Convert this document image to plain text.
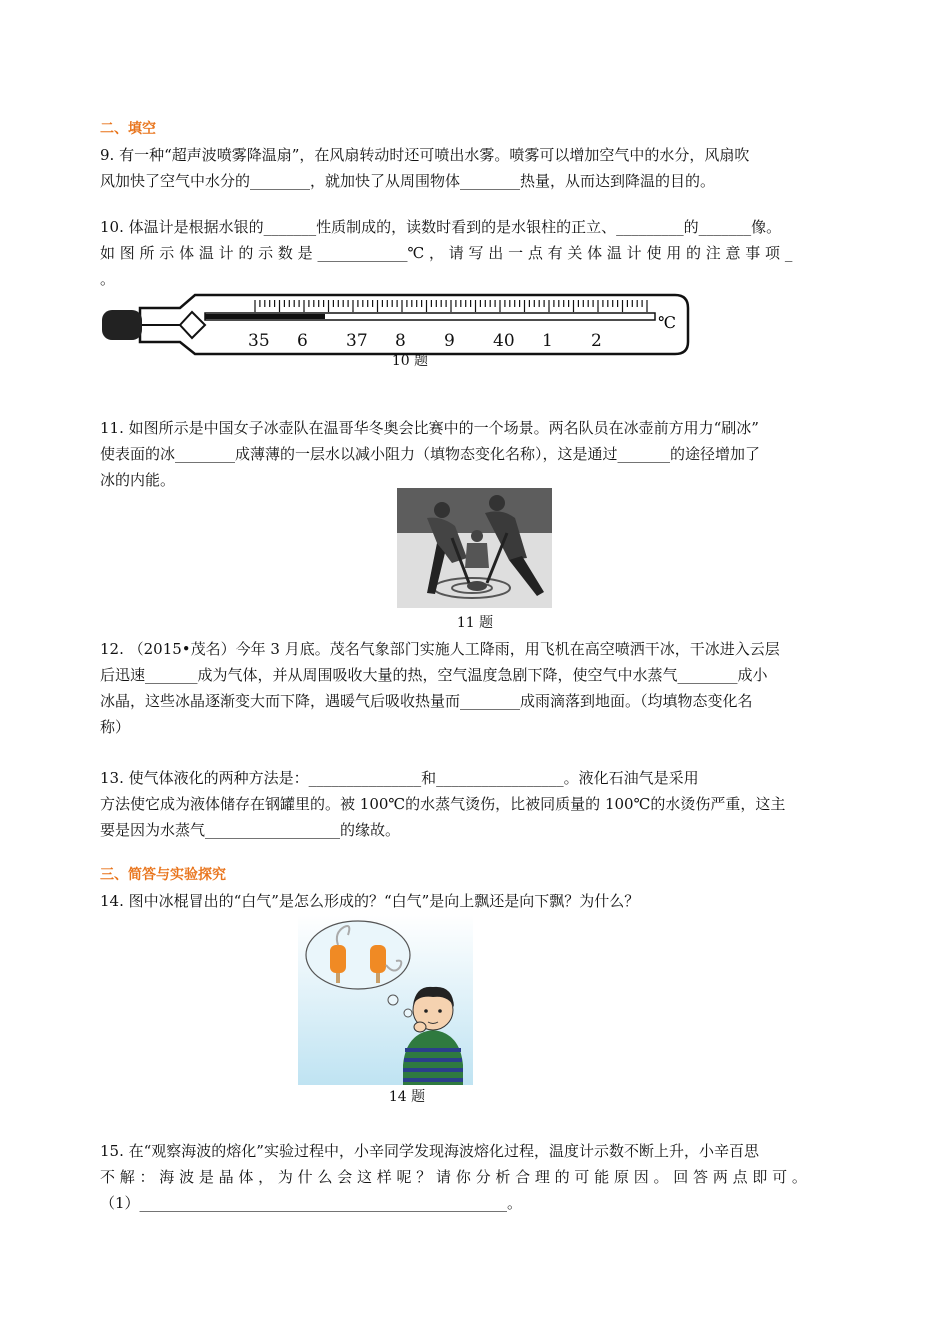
二、填空
9. 有一种“超声波喷雾降温扇”，在风扇转动时还可喷出水雾。喷雾可以增加空气中的水分，风扇吹
风加快了空气中水分的________，就加快了从周围物体________热量，从而达到降温的目的。
10. 体温计是根据水银的_______性质制成的，读数时看到的是水银柱的正立、_________的_______像。
如 图 所 示 体 温 计 的 示 数 是 ____________℃ ， 请 写 出 一 点 有 关 体 温 计 使 用 的 注 意 事 项 _
。
35 6 37 8 9 40 1 2
℃
10 题
11. 如图所示是中国女子冰壶队在温哥华冬奥会比赛中的一个场景。两名队员在冰壶前方用力“刷冰”
使表面的冰________成薄薄的一层水以减小阻力（填物态变化名称），这是通过_______的途径增加了
冰的内能。
11 题
12. （2015•茂名）今年 3 月底。茂名气象部门实施人工降雨，用飞机在高空喷洒干冰，干冰进入云层
后迅速_______成为气体，并从周围吸收大量的热，空气温度急剧下降，使空气中水蒸气________成小
冰晶，这些冰晶逐渐变大而下降，遇暖气后吸收热量而________成雨滴落到地面。（均填物态变化名
称）
13. 使气体液化的两种方法是：_______________和_________________。液化石油气是采用
方法使它成为液体储存在钢罐里的。被 100℃的水蒸气烫伤，比被同质量的 100℃的水烫伤严重，这主
要是因为水蒸气__________________的缘故。
三、简答与实验探究
14. 图中冰棍冒出的“白气”是怎么形成的？“白气”是向上飘还是向下飘？为什么？
14 题
15. 在“观察海波的熔化”实验过程中，小辛同学发现海波熔化过程，温度计示数不断上升，小辛百思
不 解 ： 海 波 是 晶 体 ， 为 什 么 会 这 样 呢 ？ 请 你 分 析 合 理 的 可 能 原 因 。 回 答 两 点 即 可 。
（1）_________________________________________________。
